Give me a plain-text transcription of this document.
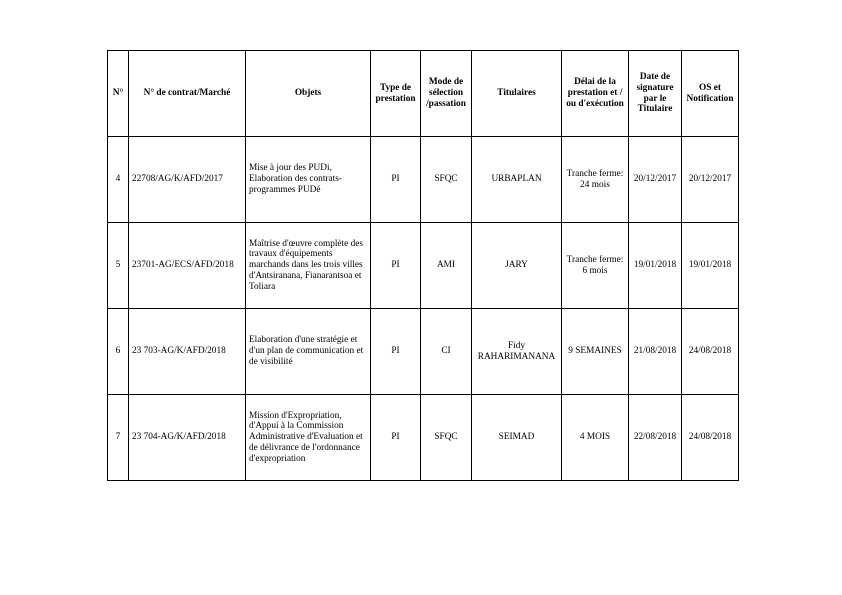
N°	N° de contrat/Marché	Objets	Type de prestation	Mode de sélection /passation	Titulaires	Délai de la prestation et / ou d'exécution	Date de signature par le Titulaire	OS et Notification
4	22708/AG/K/AFD/2017	Mise à jour des PUDi, Elaboration des contrats-programmes PUDé	PI	SFQC	URBAPLAN	Tranche ferme: 24 mois	20/12/2017	20/12/2017
5	23701-AG/ECS/AFD/2018	Maîtrise d'œuvre complète des travaux d'équipements marchands dans les trois villes d'Antsiranana, Fianarantsoa et Toliara	PI	AMI	JARY	Tranche ferme: 6 mois	19/01/2018	19/01/2018
6	23 703-AG/K/AFD/2018	Elaboration d'une stratégie et d'un plan de communication et de visibilité	PI	CI	Fidy RAHARIMANANA	9 SEMAINES	21/08/2018	24/08/2018
7	23 704-AG/K/AFD/2018	Mission d'Expropriation, d'Appui à la Commission Administrative d'Evaluation et de délivrance de l'ordonnance d'expropriation	PI	SFQC	SEIMAD	4 MOIS	22/08/2018	24/08/2018
